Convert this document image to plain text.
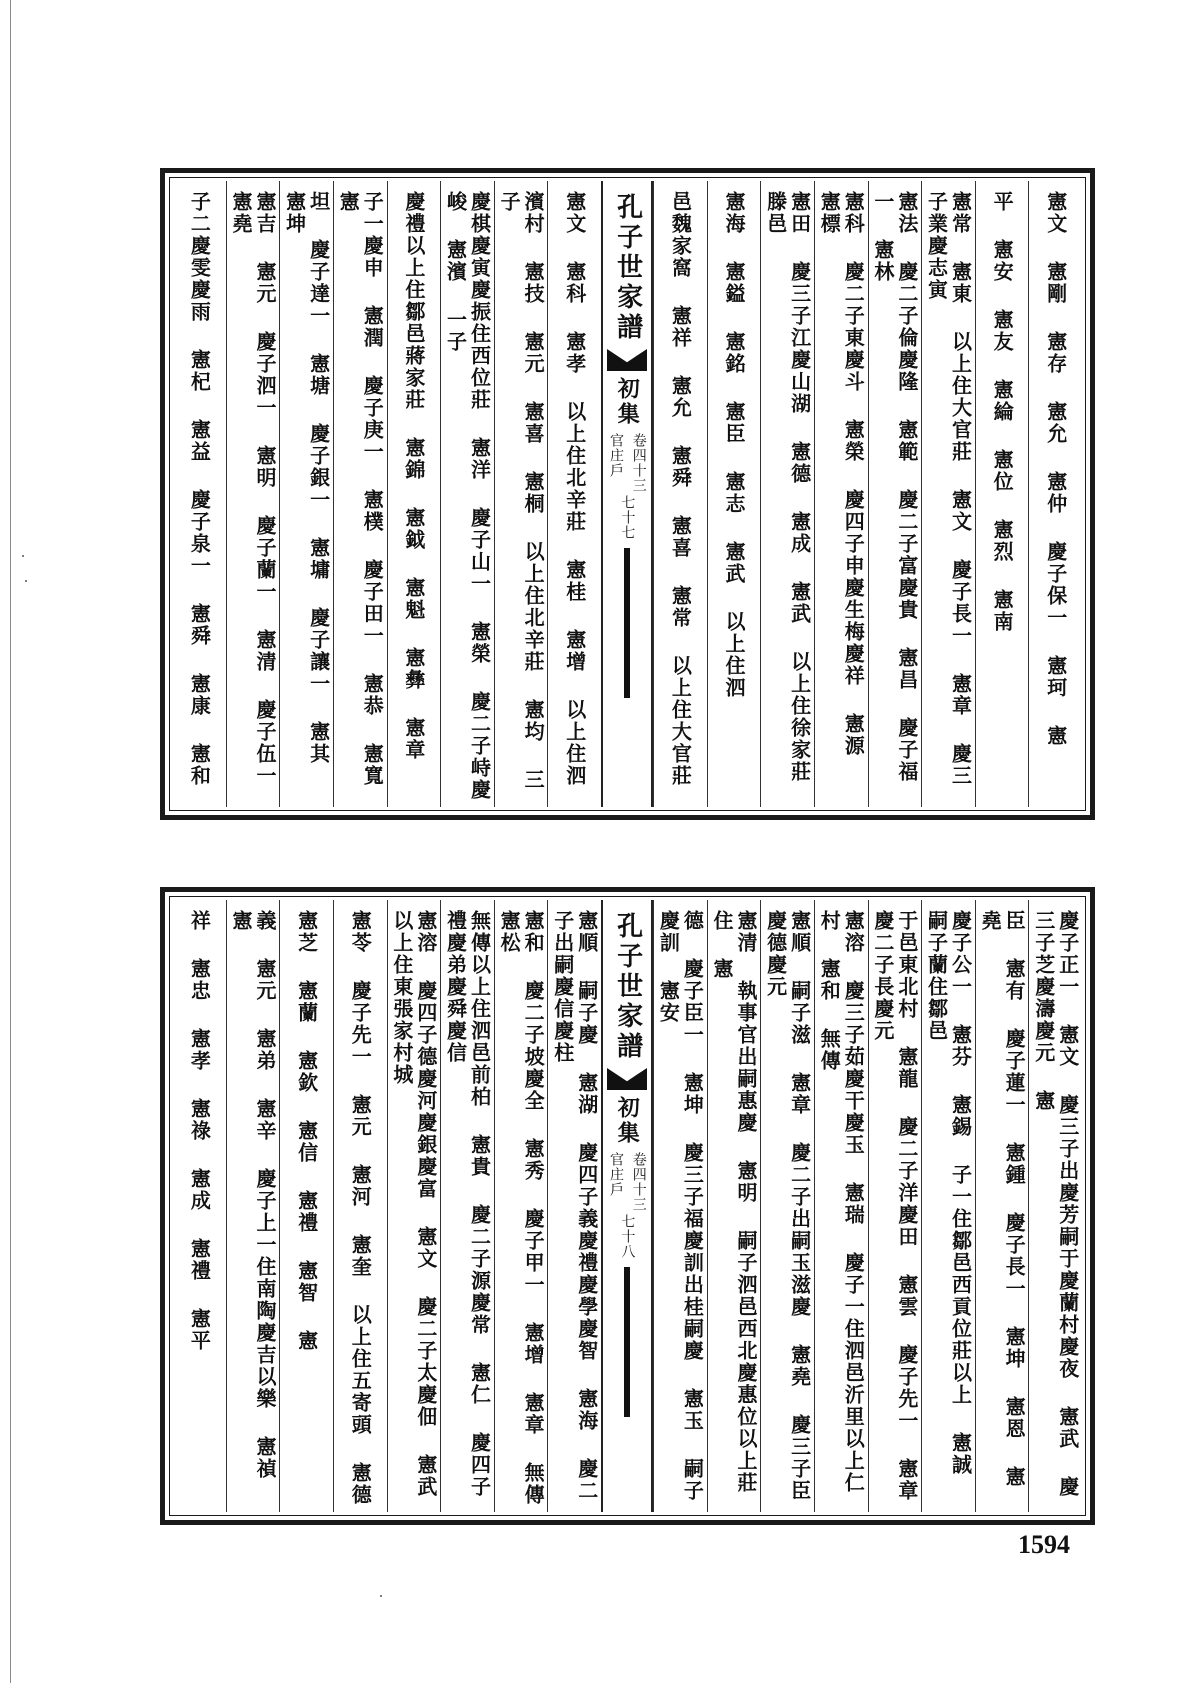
憲文 憲剛 憲存 憲允 憲仲 慶子保一 憲珂 憲
平 憲安 憲友 憲綸 憲位 憲烈 憲南
憲常 憲東 以上住大官莊 憲文 慶子長一 憲章 慶三子業慶志寅
憲法 慶二子倫慶隆 憲範 慶二子富慶貴 憲昌 慶子福一 憲林
憲科 慶二子東慶斗 憲榮 慶四子申慶生梅慶祥 憲源 憲標
憲田 慶三子江慶山湖 憲德 憲成 憲武 以上住徐家莊滕邑
憲海 憲鎰 憲銘 憲臣 憲志 憲武 以上住泗
邑魏家窩 憲祥 憲允 憲舜 憲喜 憲常 以上住大官莊
孔子世家譜
初集
卷四十三
官庄戶
七十七
憲文 憲科 憲孝 以上住北辛莊 憲桂 憲增 以上住泗
濱村 憲技 憲元 憲喜 憲桐 以上住北辛莊 憲均 三子
慶棋慶寅慶振住西位莊 憲洋 慶子山一 憲榮 慶二子峙慶峻 憲濱 一子
慶禮以上住鄒邑蔣家莊 憲錦 憲鉞 憲魁 憲彝 憲章
子一慶申 憲潤 慶子庚一 憲樸 慶子田一 憲恭 憲寬 憲
坦 慶子達一 憲塘 慶子銀一 憲墉 慶子讓一 憲其 憲坤
憲吉 憲元 慶子泗一 憲明 慶子蘭一 憲清 慶子伍一 憲堯
子二慶雯慶雨 憲杞 憲益 慶子泉一 憲舜 憲康 憲和
慶子正一 憲文 慶三子出慶芳嗣于慶蘭村慶夜 憲武 慶三子芝慶濤慶元 憲
臣 憲有 慶子蓮一 憲鍾 慶子長一 憲坤 憲恩 憲堯
慶子公一 憲芬 憲錫 子一住鄒邑西貢位莊以上 憲誠 嗣子蘭住鄒邑
于邑東北村 憲龍 慶二子洋慶田 憲雲 慶子先一 憲章 慶二子長慶元
憲溶 慶三子茹慶干慶玉 憲瑞 慶子一住泗邑沂里以上仁村 憲和 無傳
憲順 嗣子滋 憲章 慶二子出嗣玉滋慶 憲堯 慶三子臣慶德慶元
憲清 執事官出嗣惠慶 憲明 嗣子泗邑西北慶惠位以上莊住 憲
德 慶子臣一 憲坤 慶三子福慶訓出桂嗣慶 憲玉 嗣子慶訓 憲安
孔子世家譜
初集
卷四十三
官庄戶
七十八
憲順 嗣子慶 憲湖 慶四子義慶禮慶學慶智 憲海 慶二子出嗣慶信慶柱
憲和 慶二子坡慶全 憲秀 慶子甲一 憲增 憲章 無傳 憲松
無傳以上住泗邑前柏 憲貴 慶二子源慶常 憲仁 慶四子禮慶弟慶舜慶信
憲溶 慶四子德慶河慶銀慶富 憲文 慶二子太慶佃 憲武 以上住東張家村城
憲苓 慶子先一 憲元 憲河 憲奎 以上住五寄頭 憲德
憲芝 憲蘭 憲欽 憲信 憲禮 憲智 憲
義 憲元 憲弟 憲辛 慶子上一住南陶慶吉以樂 憲禎 憲
祥 憲忠 憲孝 憲祿 憲成 憲禮 憲平
1594
